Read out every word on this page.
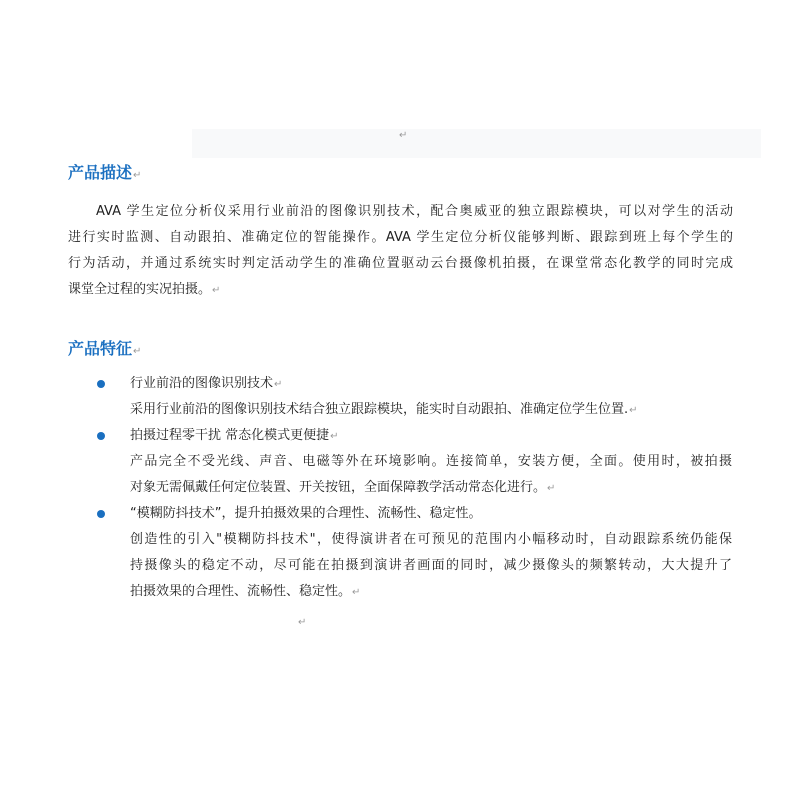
↵
产品描述↵
AVA 学生定位分析仪采用行业前沿的图像识别技术，配合奥威亚的独立跟踪模块，可以对学生的活动
进行实时监测、自动跟拍、准确定位的智能操作。AVA 学生定位分析仪能够判断、跟踪到班上每个学生的
行为活动，并通过系统实时判定活动学生的准确位置驱动云台摄像机拍摄，在课堂常态化教学的同时完成
课堂全过程的实况拍摄。↵
产品特征↵
行业前沿的图像识别技术↵
采用行业前沿的图像识别技术结合独立跟踪模块，能实时自动跟拍、准确定位学生位置.↵
拍摄过程零干扰 常态化模式更便捷↵
产品完全不受光线、声音、电磁等外在环境影响。连接简单，安装方便，全面。使用时，被拍摄
对象无需佩戴任何定位装置、开关按钮，全面保障教学活动常态化进行。↵
“模糊防抖技术”，提升拍摄效果的合理性、流畅性、稳定性。
创造性的引入"模糊防抖技术"，使得演讲者在可预见的范围内小幅移动时，自动跟踪系统仍能保
持摄像头的稳定不动，尽可能在拍摄到演讲者画面的同时，减少摄像头的频繁转动，大大提升了
拍摄效果的合理性、流畅性、稳定性。↵
↵
